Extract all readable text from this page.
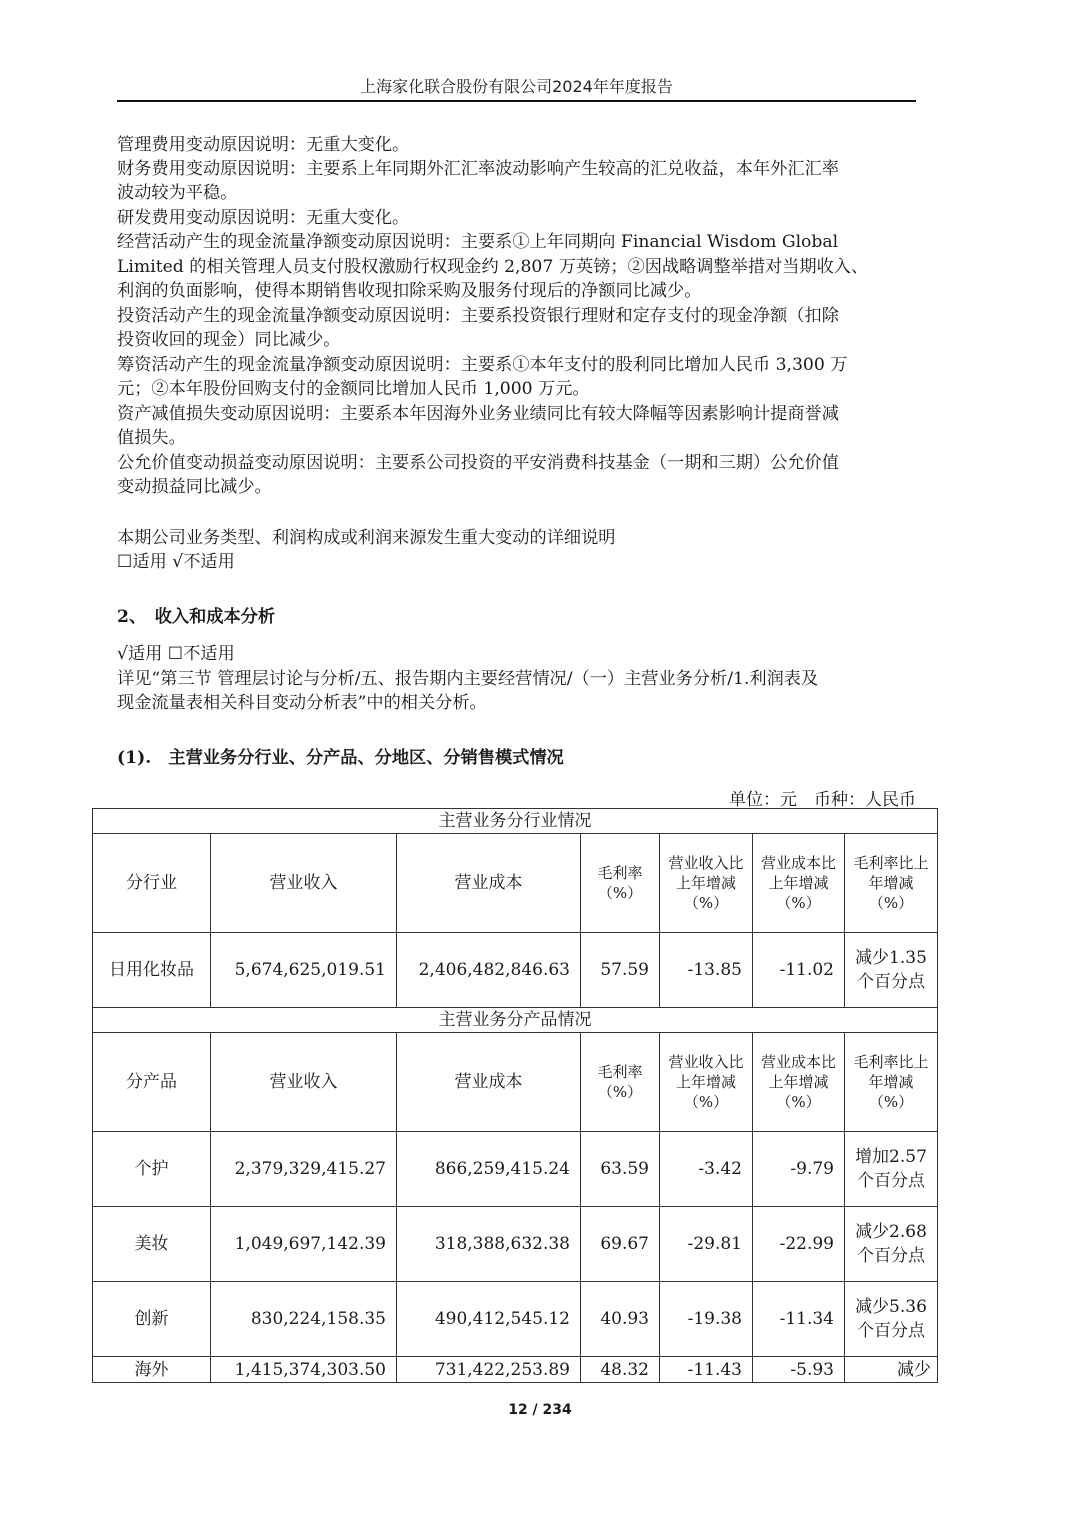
上海家化联合股份有限公司2024年年度报告
管理费用变动原因说明：无重大变化。
财务费用变动原因说明：主要系上年同期外汇汇率波动影响产生较高的汇兑收益，本年外汇汇率
波动较为平稳。
研发费用变动原因说明：无重大变化。
经营活动产生的现金流量净额变动原因说明：主要系①上年同期向 Financial Wisdom Global
Limited 的相关管理人员支付股权激励行权现金约 2,807 万英镑；②因战略调整举措对当期收入、
利润的负面影响，使得本期销售收现扣除采购及服务付现后的净额同比减少。
投资活动产生的现金流量净额变动原因说明：主要系投资银行理财和定存支付的现金净额（扣除
投资收回的现金）同比减少。
筹资活动产生的现金流量净额变动原因说明：主要系①本年支付的股利同比增加人民币 3,300 万
元；②本年股份回购支付的金额同比增加人民币 1,000 万元。
资产减值损失变动原因说明：主要系本年因海外业务业绩同比有较大降幅等因素影响计提商誉减
值损失。
公允价值变动损益变动原因说明：主要系公司投资的平安消费科技基金（一期和三期）公允价值
变动损益同比减少。
本期公司业务类型、利润构成或利润来源发生重大变动的详细说明
☐适用 √不适用
2、　收入和成本分析
√适用 ☐不适用
详见“第三节 管理层讨论与分析/五、报告期内主要经营情况/（一）主营业务分析/1.利润表及
现金流量表相关科目变动分析表”中的相关分析。
(1).　主营业务分行业、分产品、分地区、分销售模式情况
单位：元　币种：人民币
主营业务分行业情况						
分行业	营业收入	营业成本	毛利率（%）	营业收入比上年增减（%）	营业成本比上年增减（%）	毛利率比上年增减（%）
日用化妆品	5,674,625,019.51	2,406,482,846.63	57.59	-13.85	-11.02	减少1.35个百分点
主营业务分产品情况						
分产品	营业收入	营业成本	毛利率（%）	营业收入比上年增减（%）	营业成本比上年增减（%）	毛利率比上年增减（%）
个护	2,379,329,415.27	866,259,415.24	63.59	-3.42	-9.79	增加2.57个百分点
美妆	1,049,697,142.39	318,388,632.38	69.67	-29.81	-22.99	减少2.68个百分点
创新	830,224,158.35	490,412,545.12	40.93	-19.38	-11.34	减少5.36个百分点
海外	1,415,374,303.50	731,422,253.89	48.32	-11.43	-5.93	减少
12 / 234
